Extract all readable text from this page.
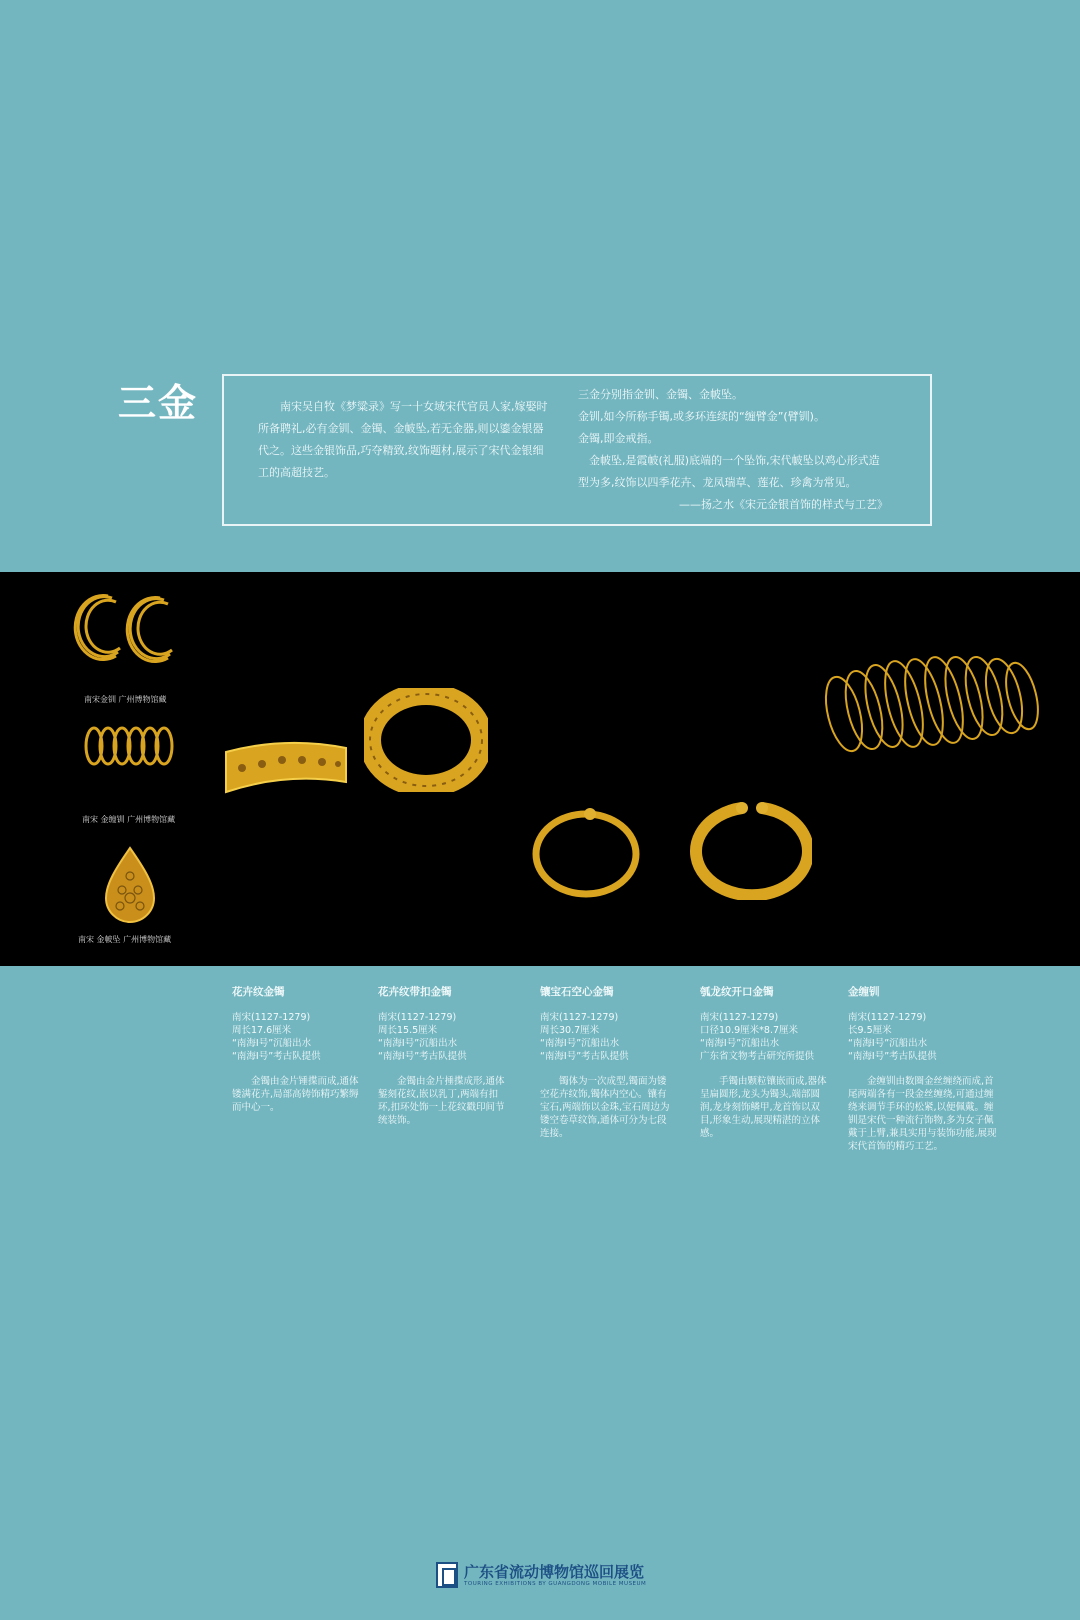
三金	南宋吴自牧《梦粱录》写一十女域宋代官员人家,嫁娶时所备聘礼,必有金钏、金镯、金帔坠,若无金器,则以鎏金银器代之。这些金银饰品,巧夺精致,纹饰题材,展示了宋代金银细工的高超技艺。

三金分别指金钏、金镯、金帔坠。

金钏,如今所称手镯,或多环连续的“缠臂金”(臂钏)。

金镯,即金戒指。

金帔坠,是霞帔(礼服)底端的一个坠饰,宋代帔坠以鸡心形式造型为多,纹饰以四季花卉、龙凤瑞草、莲花、珍禽为常见。

——扬之水《宋元金银首饰的样式与工艺》

南宋金钏 广州博物馆藏
南宋 金缠钏 广州博物馆藏
南宋 金帔坠 广州博物馆藏
花卉纹金镯
南宋(1127-1279)
周长17.6厘米
“南海Ⅰ号”沉船出水
“南海Ⅰ号”考古队提供
金镯由金片锤揲而成,通体镂满花卉,局部高铸饰精巧繁缛而中心一。
花卉纹带扣金镯
南宋(1127-1279)
周长15.5厘米
“南海Ⅰ号”沉船出水
“南海Ⅰ号”考古队提供
金镯由金片捶揲成形,通体錾刻花纹,嵌以乳丁,两端有扣环,扣环处饰一上花纹戳印间节统装饰。
镶宝石空心金镯
南宋(1127-1279)
周长30.7厘米
“南海Ⅰ号”沉船出水
“南海Ⅰ号”考古队提供
镯体为一次成型,镯面为镂空花卉纹饰,镯体内空心。镶有宝石,两端饰以金珠,宝石周边为镂空卷草纹饰,通体可分为七段连接。
瓠龙纹开口金镯
南宋(1127-1279)
口径10.9厘米*8.7厘米
“南海Ⅰ号”沉船出水
广东省文物考古研究所提供
手镯由颗粒镶嵌而成,器体呈扁圆形,龙头为镯头,端部圆润,龙身刻饰鳞甲,龙首饰以双目,形象生动,展现精湛的立体感。
金缠钏
南宋(1127-1279)
长9.5厘米
“南海Ⅰ号”沉船出水
“南海Ⅰ号”考古队提供
金缠钏由数圈金丝缠绕而成,首尾两端各有一段金丝缠绕,可通过缠绕来调节手环的松紧,以便佩戴。缠钏是宋代一种流行饰物,多为女子佩戴于上臂,兼具实用与装饰功能,展现宋代首饰的精巧工艺。
广东省流动博物馆巡回展览
TOURING EXHIBITIONS BY GUANGDONG MOBILE MUSEUM
